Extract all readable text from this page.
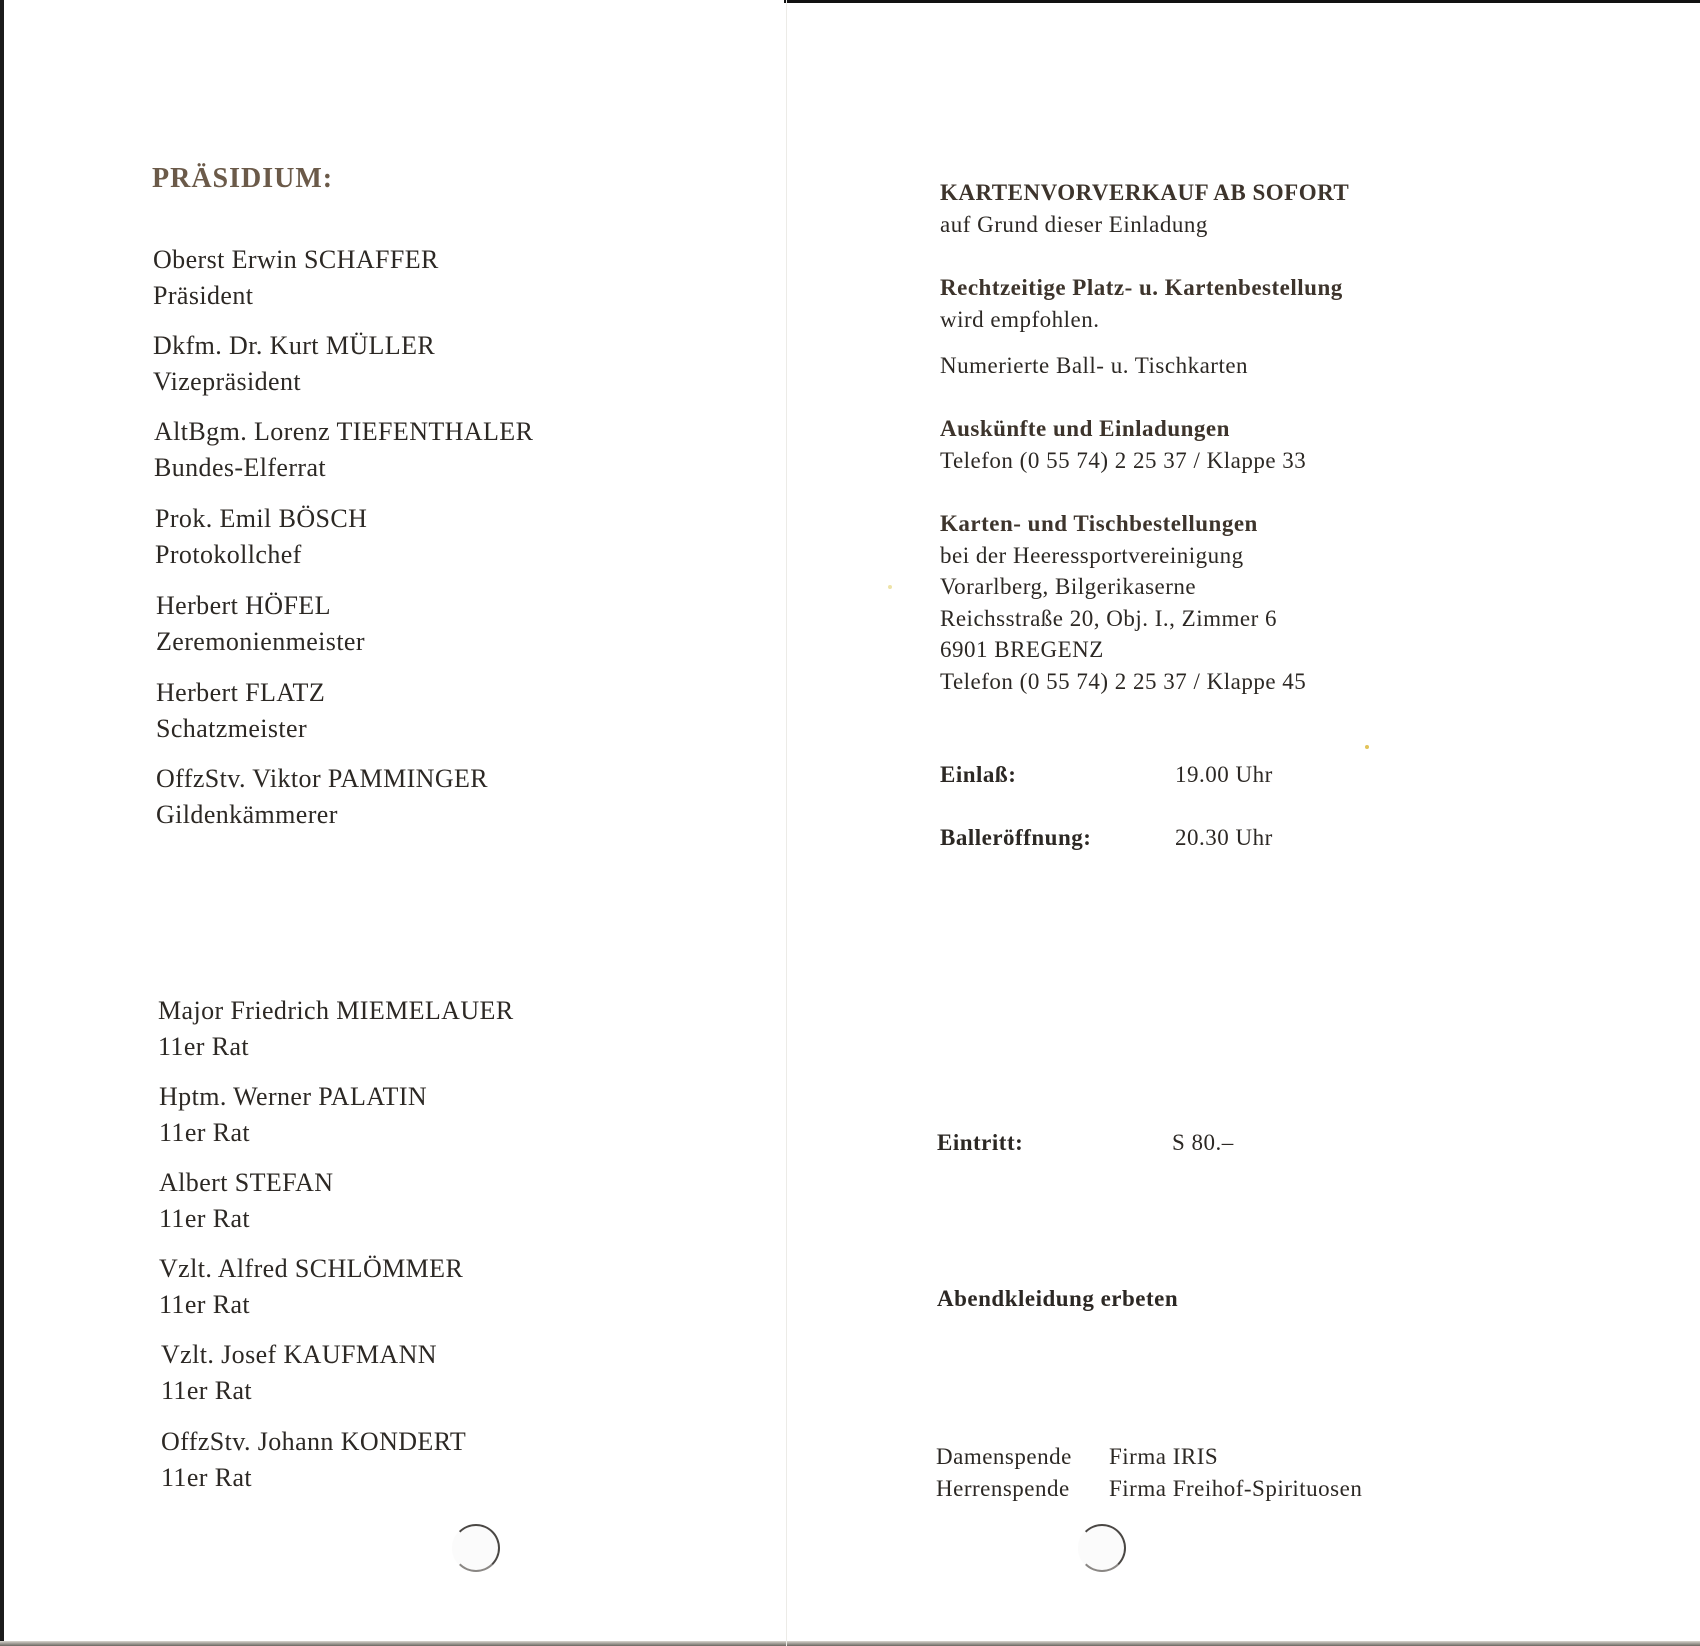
PRÄSIDIUM:
Oberst Erwin SCHAFFER
Präsident
Dkfm. Dr. Kurt MÜLLER
Vizepräsident
AltBgm. Lorenz TIEFENTHALER
Bundes-Elferrat
Prok. Emil BÖSCH
Protokollchef
Herbert HÖFEL
Zeremonienmeister
Herbert FLATZ
Schatzmeister
OffzStv. Viktor PAMMINGER
Gildenkämmerer
Major Friedrich MIEMELAUER
11er Rat
Hptm. Werner PALATIN
11er Rat
Albert STEFAN
11er Rat
Vzlt. Alfred SCHLÖMMER
11er Rat
Vzlt. Josef KAUFMANN
11er Rat
OffzStv. Johann KONDERT
11er Rat
KARTENVORVERKAUF AB SOFORT
auf Grund dieser Einladung
Rechtzeitige Platz- u. Kartenbestellung
wird empfohlen.
Numerierte Ball- u. Tischkarten
Auskünfte und Einladungen
Telefon (0 55 74) 2 25 37 / Klappe 33
Karten- und Tischbestellungen
bei der Heeressportvereinigung
Vorarlberg, Bilgerikaserne
Reichsstraße 20, Obj. I., Zimmer 6
6901 BREGENZ
Telefon (0 55 74) 2 25 37 / Klappe 45
Einlaß:	19.00 Uhr
Balleröffnung:	20.30 Uhr
Eintritt:	S 80.–
Abendkleidung erbeten
Damenspende Firma IRIS
Herrenspende Firma Freihof-Spirituosen
